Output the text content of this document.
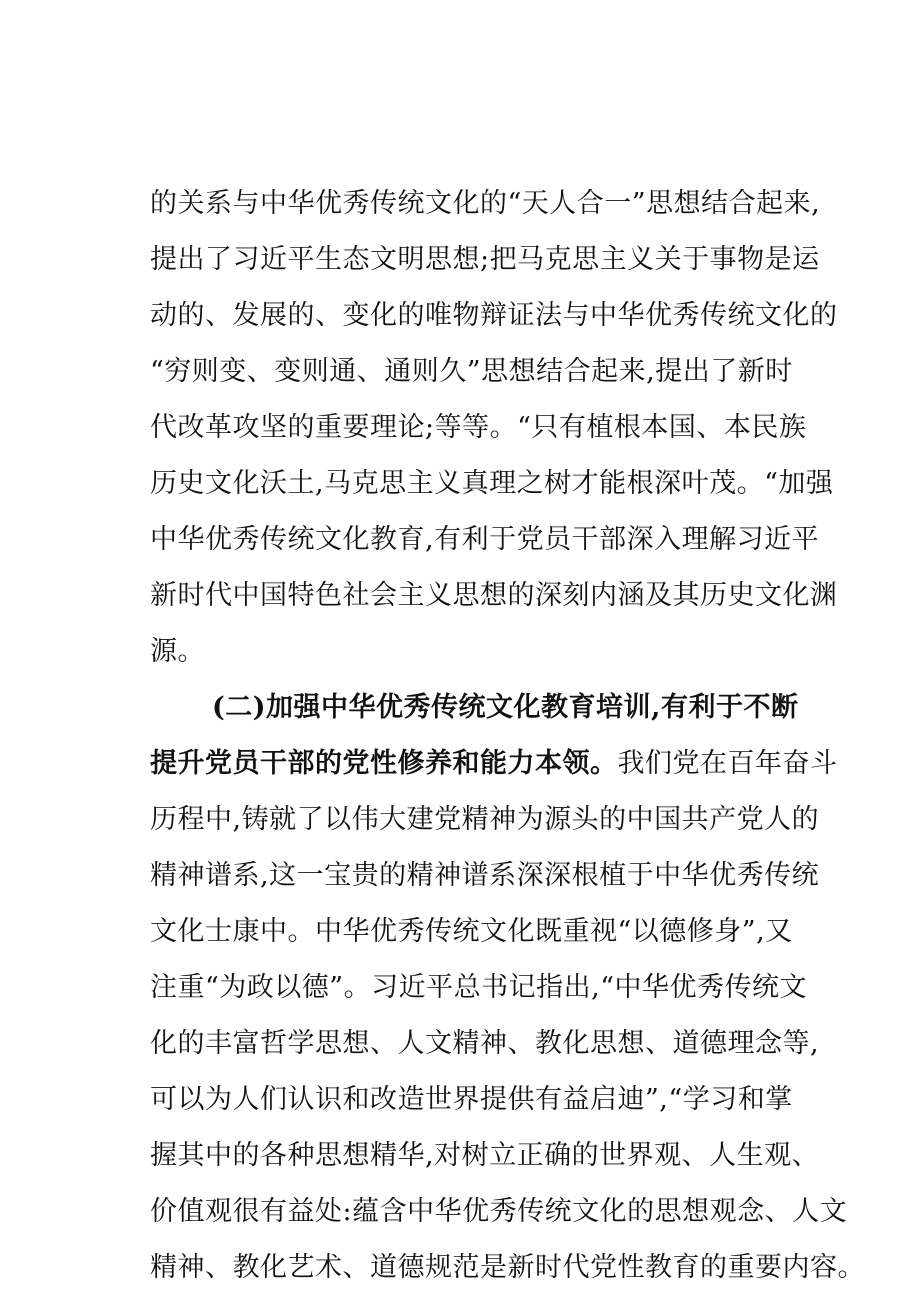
的关系与中华优秀传统文化的“天人合一”思想结合起来,
提出了习近平生态文明思想;把马克思主义关于事物是运
动的、发展的、变化的唯物辩证法与中华优秀传统文化的
“穷则变、变则通、通则久”思想结合起来,提出了新时
代改革攻坚的重要理论;等等。“只有植根本国、本民族
历史文化沃土,马克思主义真理之树才能根深叶茂。“加强
中华优秀传统文化教育,有利于党员干部深入理解习近平
新时代中国特色社会主义思想的深刻内涵及其历史文化渊
源。
(二)加强中华优秀传统文化教育培训,有利于不断
提升党员干部的党性修养和能力本领。我们党在百年奋斗
历程中,铸就了以伟大建党精神为源头的中国共产党人的
精神谱系,这一宝贵的精神谱系深深根植于中华优秀传统
文化士康中。中华优秀传统文化既重视“以德修身”,又
注重“为政以德”。习近平总书记指出,“中华优秀传统文
化的丰富哲学思想、人文精神、教化思想、道德理念等,
可以为人们认识和改造世界提供有益启迪”,“学习和掌
握其中的各种思想精华,对树立正确的世界观、人生观、
价值观很有益处:蕴含中华优秀传统文化的思想观念、人文
精神、教化艺术、道德规范是新时代党性教育的重要内容。
